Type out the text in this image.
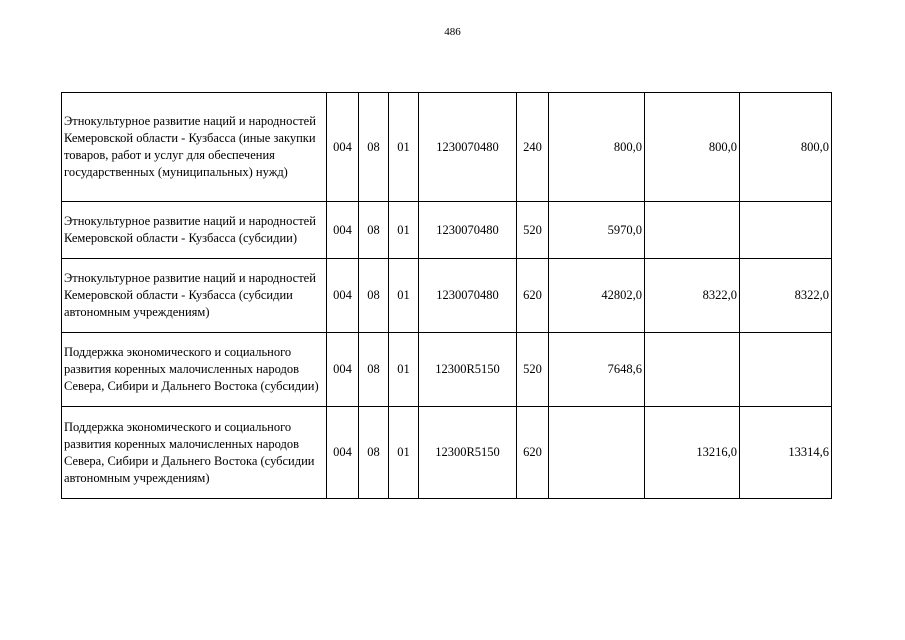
486
Этнокультурное развитие наций и народностей Кемеровской области - Кузбасса (иные закупки товаров, работ и услуг для обеспечения государственных (муниципальных) нужд)	004	08	01	1230070480	240	800,0	800,0	800,0
Этнокультурное развитие наций и народностей Кемеровской области - Кузбасса (субсидии)	004	08	01	1230070480	520	5970,0		
Этнокультурное развитие наций и народностей Кемеровской области - Кузбасса (субсидии автономным учреждениям)	004	08	01	1230070480	620	42802,0	8322,0	8322,0
Поддержка экономического и социального развития коренных малочисленных народов Севера, Сибири и Дальнего Востока (субсидии)	004	08	01	12300R5150	520	7648,6		
Поддержка экономического и социального развития коренных малочисленных народов Севера, Сибири и Дальнего Востока (субсидии автономным учреждениям)	004	08	01	12300R5150	620		13216,0	13314,6
